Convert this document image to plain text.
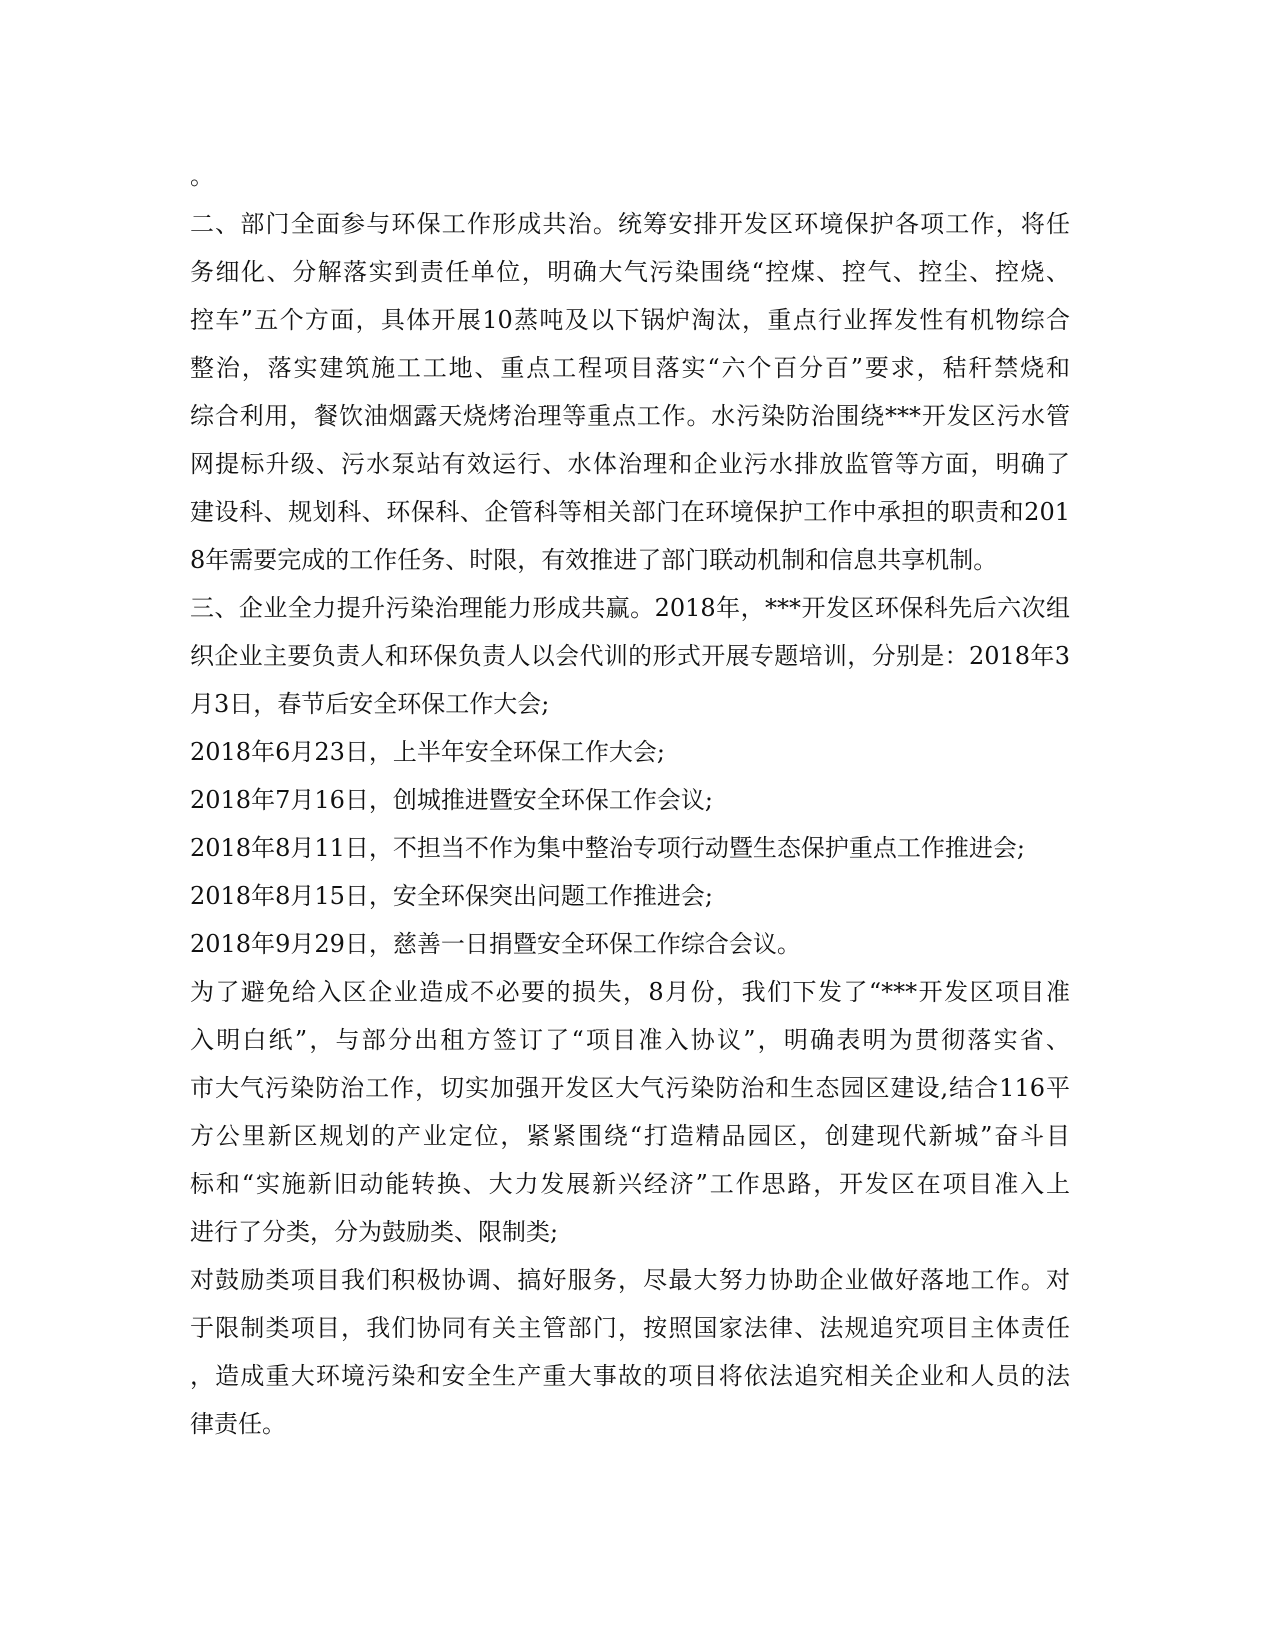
。
二、部门全面参与环保工作形成共治。统筹安排开发区环境保护各项工作，将任
务细化、分解落实到责任单位，明确大气污染围绕“控煤、控气、控尘、控烧、
控车”五个方面，具体开展10蒸吨及以下锅炉淘汰，重点行业挥发性有机物综合
整治，落实建筑施工工地、重点工程项目落实“六个百分百”要求，秸秆禁烧和
综合利用，餐饮油烟露天烧烤治理等重点工作。水污染防治围绕***开发区污水管
网提标升级、污水泵站有效运行、水体治理和企业污水排放监管等方面，明确了
建设科、规划科、环保科、企管科等相关部门在环境保护工作中承担的职责和201
8年需要完成的工作任务、时限，有效推进了部门联动机制和信息共享机制。
三、企业全力提升污染治理能力形成共赢。2018年，***开发区环保科先后六次组
织企业主要负责人和环保负责人以会代训的形式开展专题培训，分别是：2018年3
月3日，春节后安全环保工作大会;
2018年6月23日，上半年安全环保工作大会;
2018年7月16日，创城推进暨安全环保工作会议;
2018年8月11日，不担当不作为集中整治专项行动暨生态保护重点工作推进会;
2018年8月15日，安全环保突出问题工作推进会;
2018年9月29日，慈善一日捐暨安全环保工作综合会议。
为了避免给入区企业造成不必要的损失，8月份，我们下发了“***开发区项目准
入明白纸”，与部分出租方签订了“项目准入协议”，明确表明为贯彻落实省、
市大气污染防治工作，切实加强开发区大气污染防治和生态园区建设,结合116平
方公里新区规划的产业定位，紧紧围绕“打造精品园区，创建现代新城”奋斗目
标和“实施新旧动能转换、大力发展新兴经济”工作思路，开发区在项目准入上
进行了分类，分为鼓励类、限制类;
对鼓励类项目我们积极协调、搞好服务，尽最大努力协助企业做好落地工作。对
于限制类项目，我们协同有关主管部门，按照国家法律、法规追究项目主体责任
，造成重大环境污染和安全生产重大事故的项目将依法追究相关企业和人员的法
律责任。
